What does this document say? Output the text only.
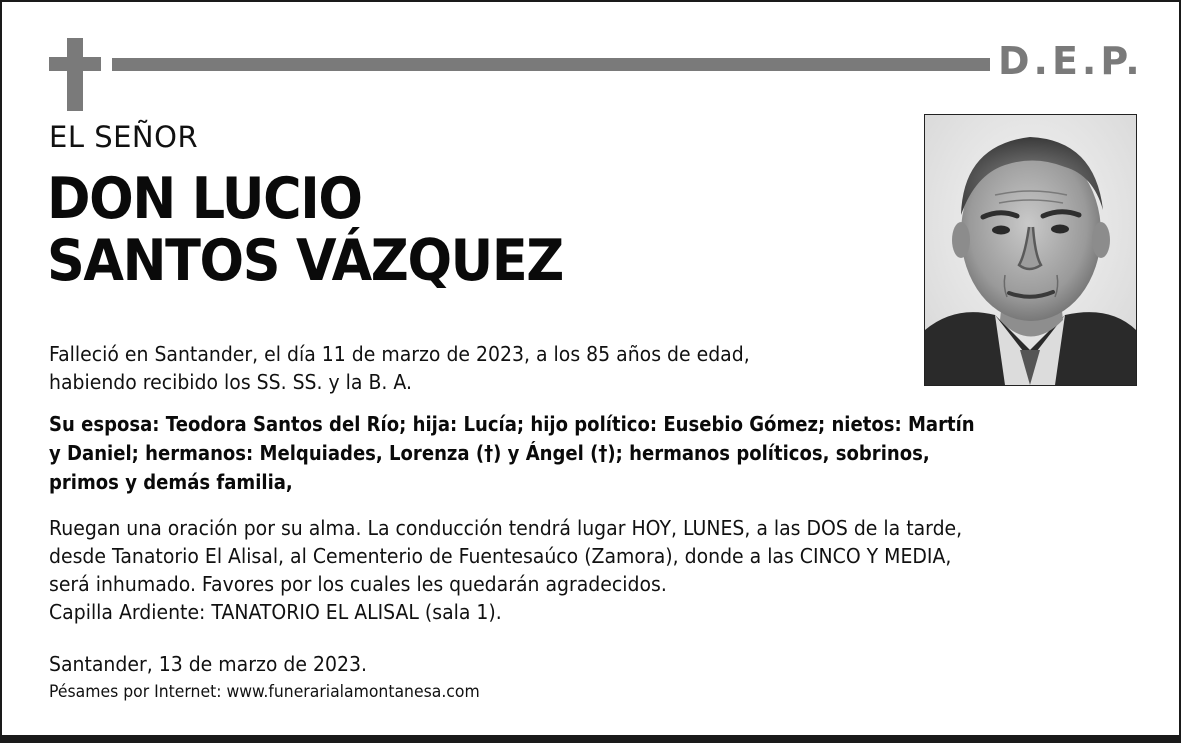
D.E.P.
EL SEÑOR
DON LUCIO
SANTOS VÁZQUEZ
Falleció en Santander, el día 11 de marzo de 2023, a los 85 años de edad,
habiendo recibido los SS. SS. y la B. A.
Su esposa: Teodora Santos del Río; hija: Lucía; hijo político: Eusebio Gómez; nietos: Martín
y Daniel; hermanos: Melquiades, Lorenza (†) y Ángel (†); hermanos políticos, sobrinos,
primos y demás familia,
Ruegan una oración por su alma. La conducción tendrá lugar HOY, LUNES, a las DOS de la tarde,
desde Tanatorio El Alisal, al Cementerio de Fuentesaúco (Zamora), donde a las CINCO Y MEDIA,
será inhumado. Favores por los cuales les quedarán agradecidos.
Capilla Ardiente: TANATORIO EL ALISAL (sala 1).
Santander, 13 de marzo de 2023.
Pésames por Internet: www.funerarialamontanesa.com
